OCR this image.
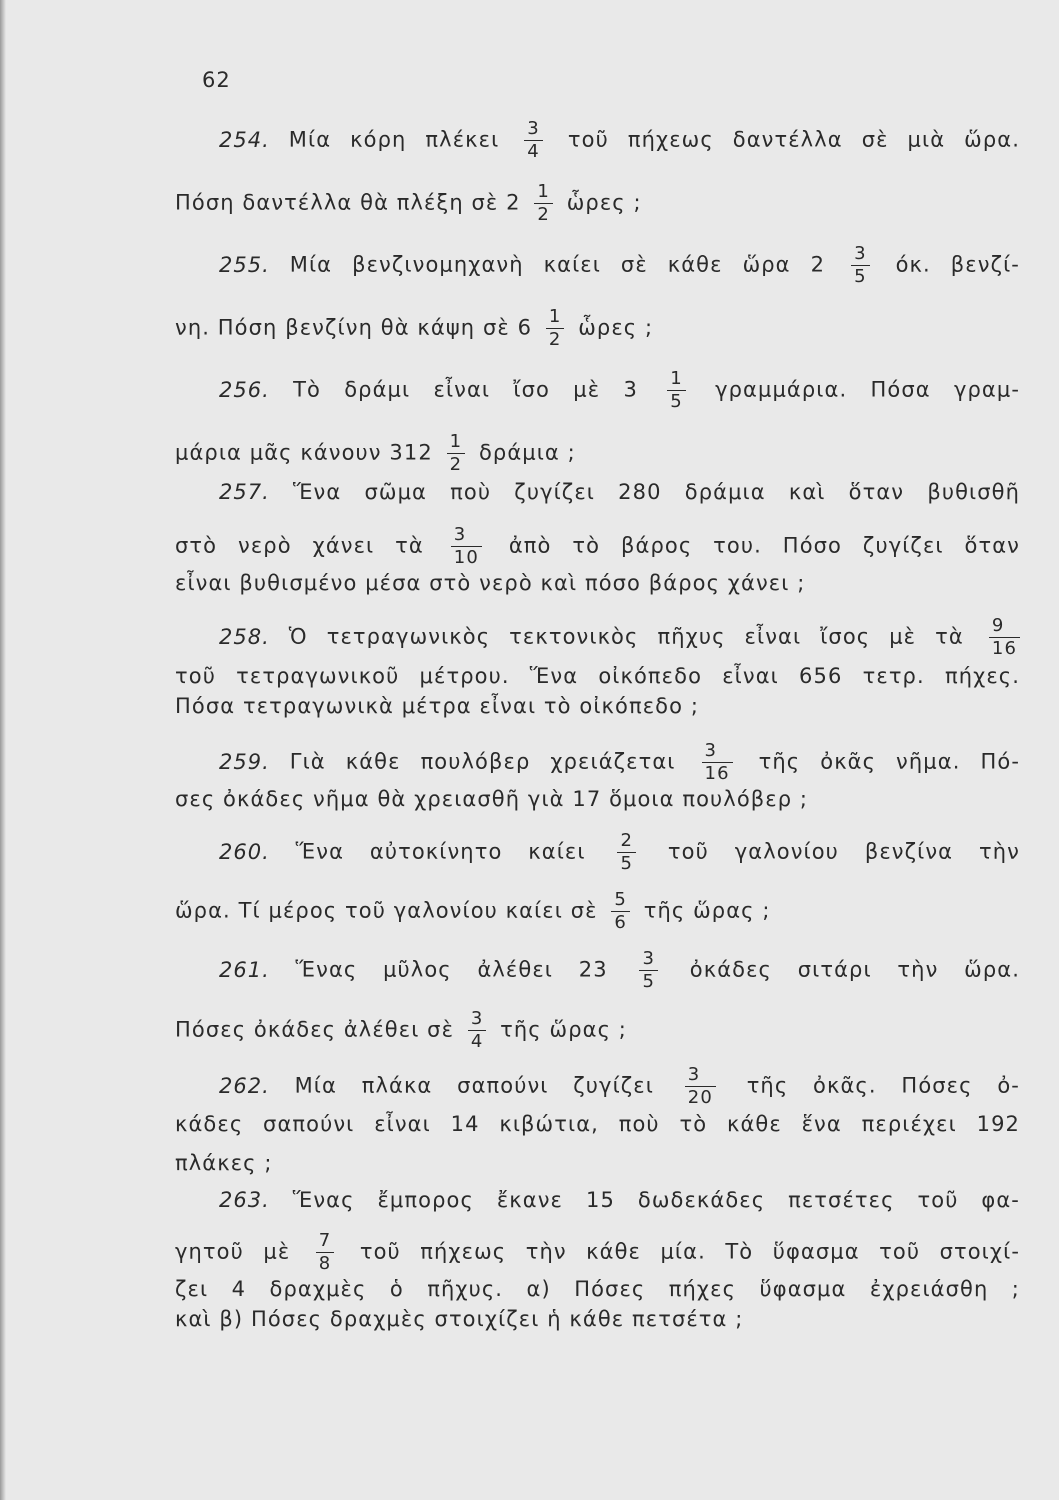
62
254. Μία κόρη πλέκει $\frac{3}{4}$ τοῦ πήχεως δαντέλλα σὲ μιὰ ὥρα.
Πόση δαντέλλα θὰ πλέξη σὲ $2 \frac{1}{2}$ ὧρες ;
255. Μία βενζινομηχανὴ καίει σὲ κάθε ὥρα $2 \frac{3}{5} ό\kappa$. βενζί-
νη. Πόση βενζίνη θὰ κάψη σὲ $6 \frac{1}{2}$ ὧρες ;
256. Τὸ δράμι εἶναι ἴσο μὲ $3 \frac{1}{5} \gamma\rho\alpha\mu\mu ά\rho\iota\alpha$. Πόσα γραμ-
μάρια μᾶς κάνουν $312 \frac{1}{2}$ δράμια ;
257. Ἕνα σῶμα ποὺ ζυγίζει 280 δράμια καὶ ὅταν βυθισθῆ
στὸ νερὸ χάνει τὰ $\frac{3}{10}$ ἀπὸ τὸ βάρος του. Πόσο ζυγίζει ὅταν
εἶναι βυθισμένο μέσα στὸ νερὸ καὶ πόσο βάρος χάνει ;
258. Ὁ τετραγωνικὸς τεκτονικὸς πῆχυς εἶναι ἴσος μὲ τὰ $\frac{9}{16}$
τοῦ τετραγωνικοῦ μέτρου. Ἕνα οἰκόπεδο εἶναι 656 τετρ. πήχες.
Πόσα τετραγωνικὰ μέτρα εἶναι τὸ οἰκόπεδο ;
259. Γιὰ κάθε πουλόβερ χρειάζεται $\frac{3}{16}$ τῆς ὀκᾶς νῆμα. Πό-
σες ὀκάδες νῆμα θὰ χρειασθῆ γιὰ 17 ὅμοια πουλόβερ ;
260. Ἕνα αὐτοκίνητο καίει $\frac{2}{5}$ τοῦ γαλονίου βενζίνα τὴν
ὥρα. Τί μέρος τοῦ γαλονίου καίει σὲ $\frac{5}{6}$ τῆς ὥρας ;
261. Ἕνας μῦλος ἀλέθει $23 \frac{3}{5}$ ὀκάδες σιτάρι τὴν ὥρα.
Πόσες ὀκάδες ἀλέθει σὲ $\frac{3}{4}$ τῆς ὥρας ;
262. Μία πλάκα σαπούνι ζυγίζει $\frac{3}{20}$ τῆς ὀκᾶς. Πόσες ὀ-
κάδες σαπούνι εἶναι 14 κιβώτια, ποὺ τὸ κάθε ἕνα περιέχει 192
πλάκες ;
263. Ἕνας ἔμπορος ἔκανε 15 δωδεκάδες πετσέτες τοῦ φα-
γητοῦ μὲ $\frac{7}{8}$ τοῦ πήχεως τὴν κάθε μία. Τὸ ὕφασμα τοῦ στοιχί-
ζει 4 δραχμὲς ὁ πῆχυς. α) Πόσες πήχες ὕφασμα ἐχρειάσθη ;
καὶ β) Πόσες δραχμὲς στοιχίζει ἡ κάθε πετσέτα ;
